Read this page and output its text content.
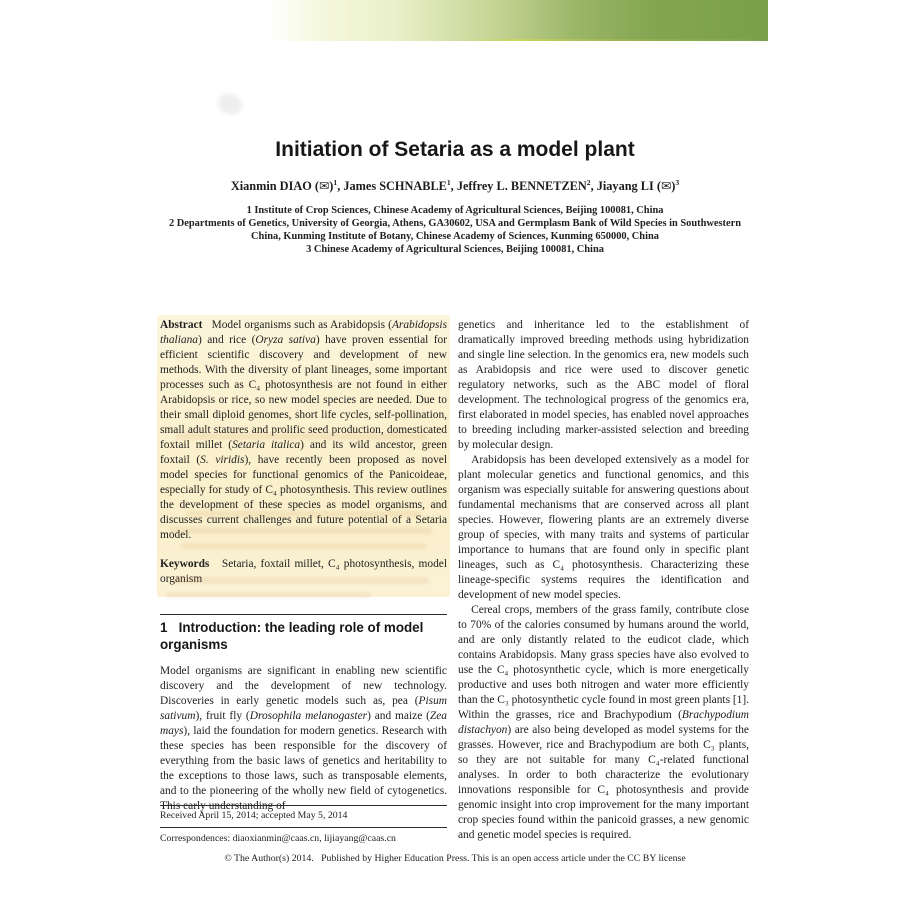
Initiation of Setaria as a model plant
Xianmin DIAO (✉)$^1$, James SCHNABLE$^1$, Jeffrey L. BENNETZEN$^2$, Jiayang LI (✉)$^3$
1 Institute of Crop Sciences, Chinese Academy of Agricultural Sciences, Beijing 100081, China
2 Departments of Genetics, University of Georgia, Athens, GA30602, USA and Germplasm Bank of Wild Species in Southwestern
China, Kunming Institute of Botany, Chinese Academy of Sciences, Kunming 650000, China
3 Chinese Academy of Agricultural Sciences, Beijing 100081, China
Abstract   Model organisms such as Arabidopsis (Arabidopsis thaliana) and rice (Oryza sativa) have proven essential for efficient scientific discovery and development of new methods. With the diversity of plant lineages, some important processes such as C₄ photosynthesis are not found in either Arabidopsis or rice, so new model species are needed. Due to their small diploid genomes, short life cycles, self-pollination, small adult statures and prolific seed production, domesticated foxtail millet (Setaria italica) and its wild ancestor, green foxtail (S. viridis), have recently been proposed as novel model species for functional genomics of the Panicoideae, especially for study of C₄ photosynthesis. This review outlines the development of these species as model organisms, and discusses current challenges and future potential of a Setaria model.
Keywords   Setaria, foxtail millet, C₄ photosynthesis, model organism
1   Introduction: the leading role of model organisms

Model organisms are significant in enabling new scientific discovery and the development of new technology. Discoveries in early genetic models such as, pea (Pisum sativum), fruit fly (Drosophila melanogaster) and maize (Zea mays), laid the foundation for modern genetics. Research with these species has been responsible for the discovery of everything from the basic laws of genetics and heritability to the exceptions to those laws, such as transposable elements, and to the pioneering of the wholly new field of cytogenetics. This early understanding of

genetics and inheritance led to the establishment of dramatically improved breeding methods using hybridization and single line selection. In the genomics era, new models such as Arabidopsis and rice were used to discover genetic regulatory networks, such as the ABC model of floral development. The technological progress of the genomics era, first elaborated in model species, has enabled novel approaches to breeding including marker-assisted selection and breeding by molecular design.

Arabidopsis has been developed extensively as a model for plant molecular genetics and functional genomics, and this organism was especially suitable for answering questions about fundamental mechanisms that are conserved across all plant species. However, flowering plants are an extremely diverse group of species, with many traits and systems of particular importance to humans that are found only in specific plant lineages, such as C₄ photosynthesis. Characterizing these lineage-specific systems requires the identification and development of new model species.

Cereal crops, members of the grass family, contribute close to 70% of the calories consumed by humans around the world, and are only distantly related to the eudicot clade, which contains Arabidopsis. Many grass species have also evolved to use the C₄ photosynthetic cycle, which is more energetically productive and uses both nitrogen and water more efficiently than the C₃ photosynthetic cycle found in most green plants [1]. Within the grasses, rice and Brachypodium (Brachypodium distachyon) are also being developed as model systems for the grasses. However, rice and Brachypodium are both C₃ plants, so they are not suitable for many C₄-related functional analyses. In order to both characterize the evolutionary innovations responsible for C₄ photosynthesis and provide genomic insight into crop improvement for the many important crop species found within the panicoid grasses, a new genomic and genetic model species is required.

Received April 15, 2014; accepted May 5, 2014
Correspondences: diaoxianmin@caas.cn, lijiayang@caas.cn
© The Author(s) 2014.   Published by Higher Education Press. This is an open access article under the CC BY license
